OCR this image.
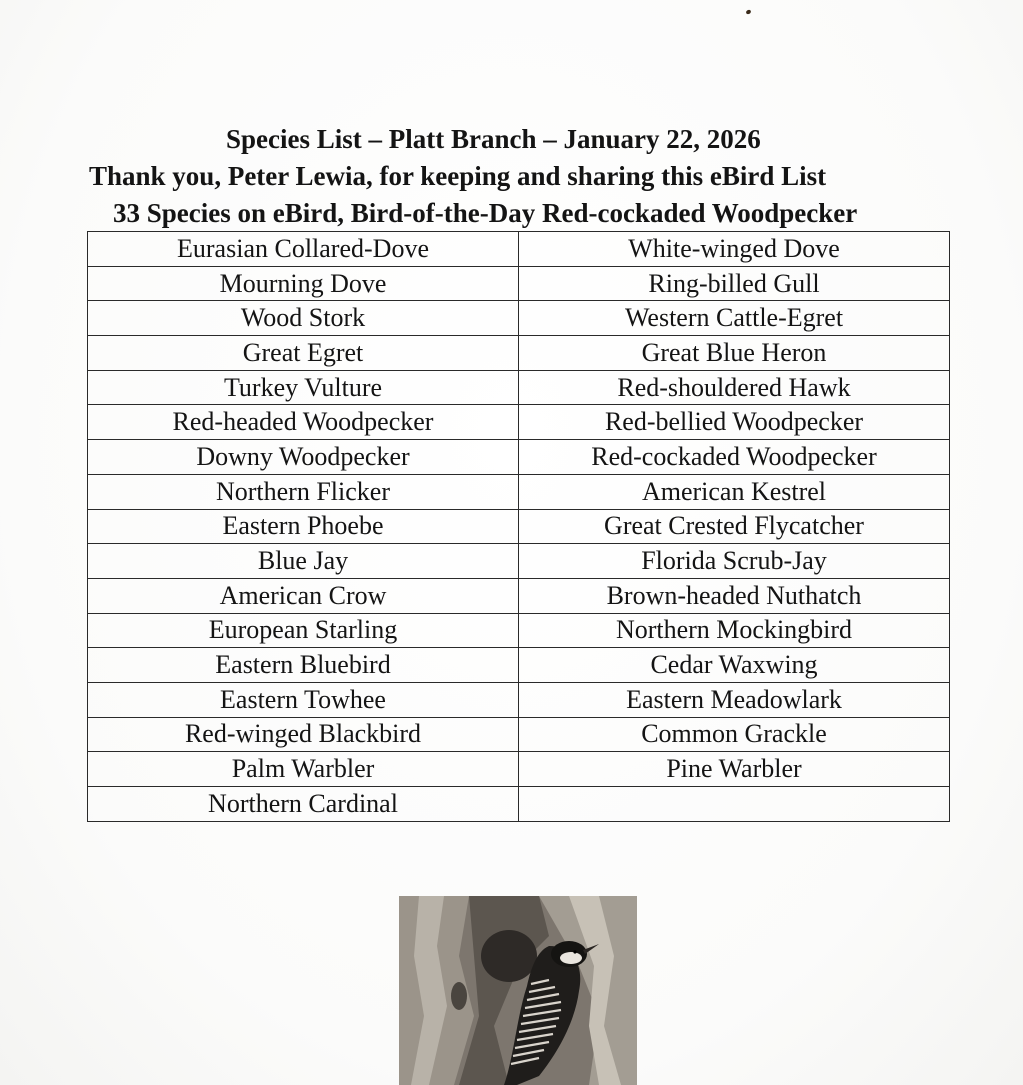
Species List – Platt Branch – January 22, 2026
Thank you, Peter Lewia, for keeping and sharing this eBird List
33 Species on eBird, Bird-of-the-Day Red-cockaded Woodpecker
Eurasian Collared-Dove	White-winged Dove
Mourning Dove	Ring-billed Gull
Wood Stork	Western Cattle-Egret
Great Egret	Great Blue Heron
Turkey Vulture	Red-shouldered Hawk
Red-headed Woodpecker	Red-bellied Woodpecker
Downy Woodpecker	Red-cockaded Woodpecker
Northern Flicker	American Kestrel
Eastern Phoebe	Great Crested Flycatcher
Blue Jay	Florida Scrub-Jay
American Crow	Brown-headed Nuthatch
European Starling	Northern Mockingbird
Eastern Bluebird	Cedar Waxwing
Eastern Towhee	Eastern Meadowlark
Red-winged Blackbird	Common Grackle
Palm Warbler	Pine Warbler
Northern Cardinal	
